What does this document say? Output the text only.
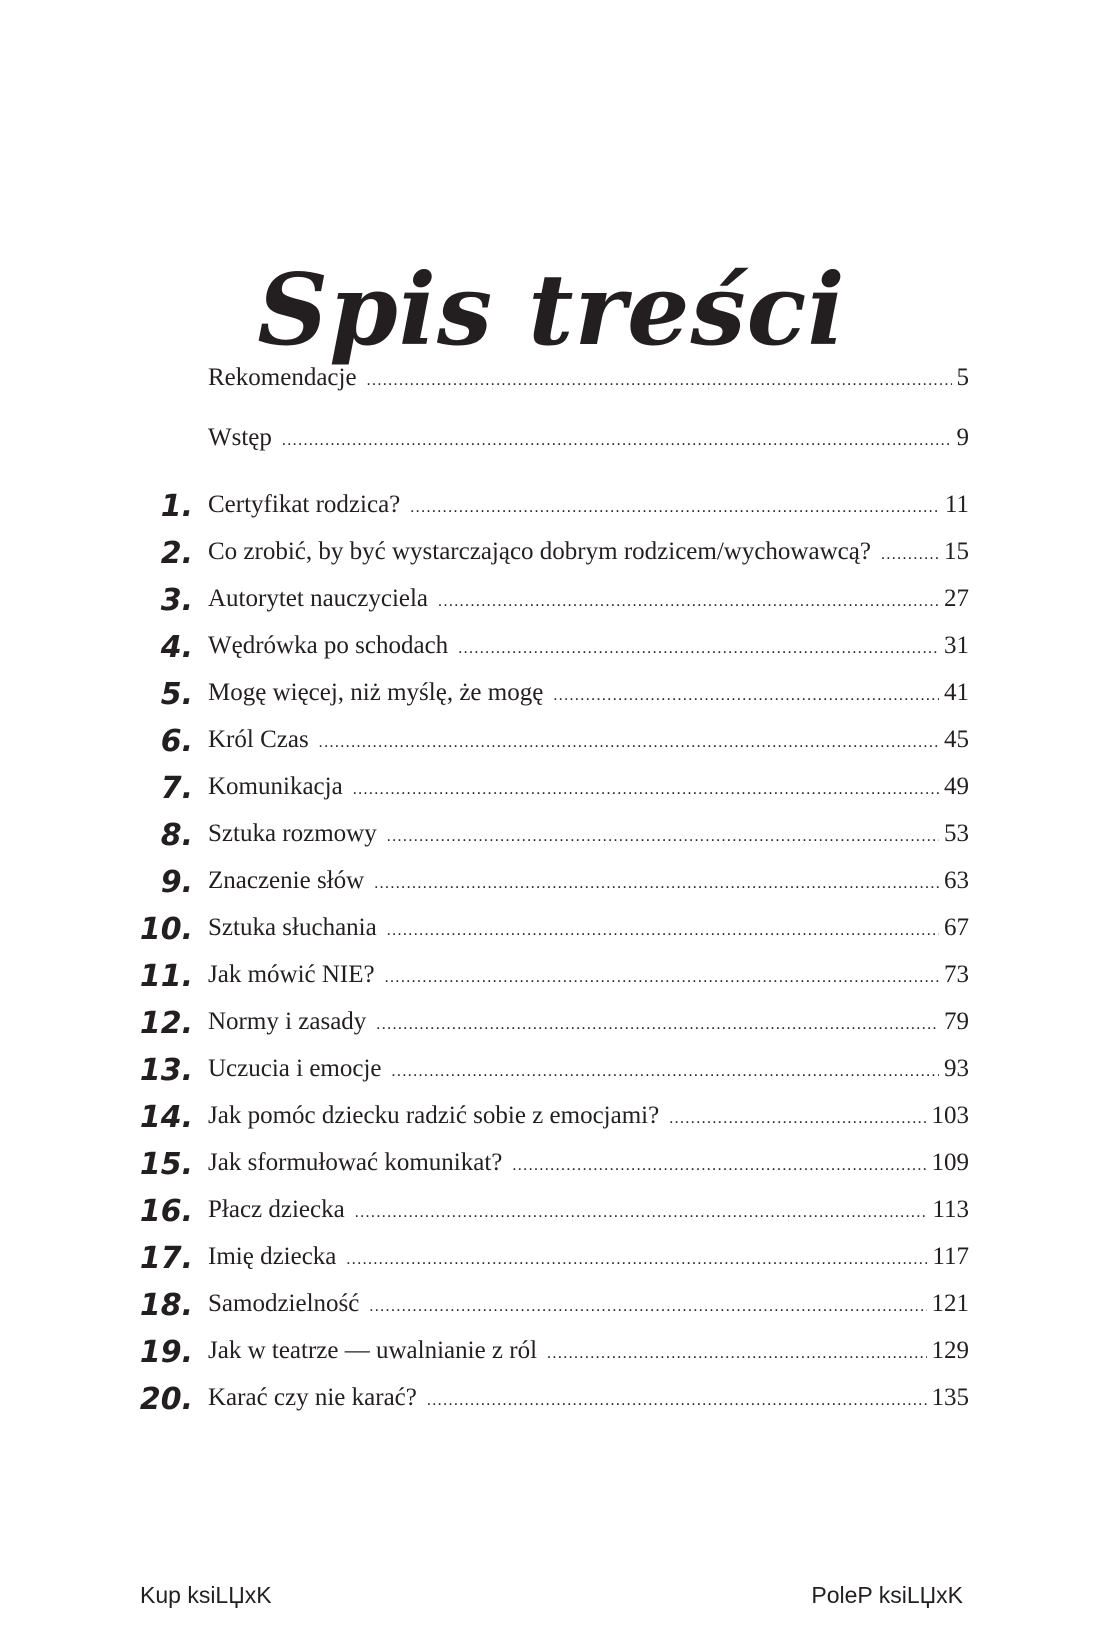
Spis treści
Rekomendacje .....	5
Wstęp .....	9
1. Certyfikat rodzica? .....	11
2. Co zrobić, by być wystarczająco dobrym rodzicem/wychowawcą? .....	15
3. Autorytet nauczyciela .....	27
4. Wędrówka po schodach .....	31
5. Mogę więcej, niż myślę, że mogę .....	41
6. Król Czas .....	45
7. Komunikacja .....	49
8. Sztuka rozmowy .....	53
9. Znaczenie słów .....	63
10. Sztuka słuchania .....	67
11. Jak mówić NIE? .....	73
12. Normy i zasady .....	79
13. Uczucia i emocje .....	93
14. Jak pomóc dziecku radzić sobie z emocjami? .....	103
15. Jak sformułować komunikat? .....	109
16. Płacz dziecka .....	113
17. Imię dziecka .....	117
18. Samodzielność .....	121
19. Jak w teatrze — uwalnianie z ról .....	129
20. Karać czy nie karać? .....	135
Kup ksiLЏxK	PoleP ksiLЏxK
